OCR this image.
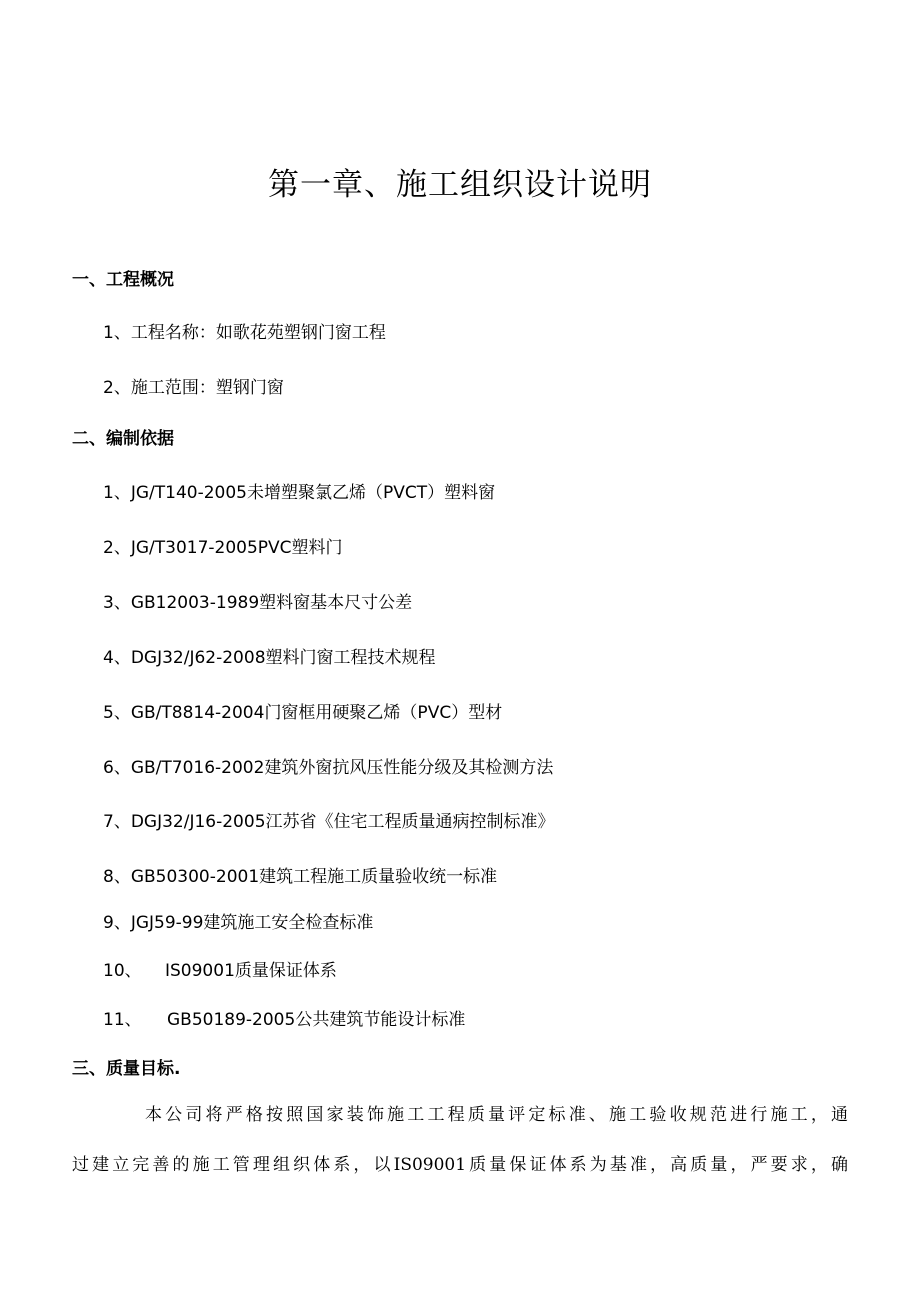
第一章、施工组织设计说明
一、工程概况
1、工程名称：如歌花苑塑钢门窗工程
2、施工范围：塑钢门窗
二、编制依据
1、JG/T140-2005未增塑聚氯乙烯（PVCT）塑料窗
2、JG/T3017-2005PVC塑料门
3、GB12003-1989塑料窗基本尺寸公差
4、DGJ32/J62-2008塑料门窗工程技术规程
5、GB/T8814-2004门窗框用硬聚乙烯（PVC）型材
6、GB/T7016-2002建筑外窗抗风压性能分级及其检测方法
7、DGJ32/J16-2005江苏省《住宅工程质量通病控制标准》
8、GB50300-2001建筑工程施工质量验收统一标准
9、JGJ59-99建筑施工安全检查标准
10、 IS09001质量保证体系
11、 GB50189-2005公共建筑节能设计标准
三、质量目标.
本公司将严格按照国家装饰施工工程质量评定标准、施工验收规范进行施工，通
过建立完善的施工管理组织体系，以IS09001质量保证体系为基准，高质量，严要求，确
